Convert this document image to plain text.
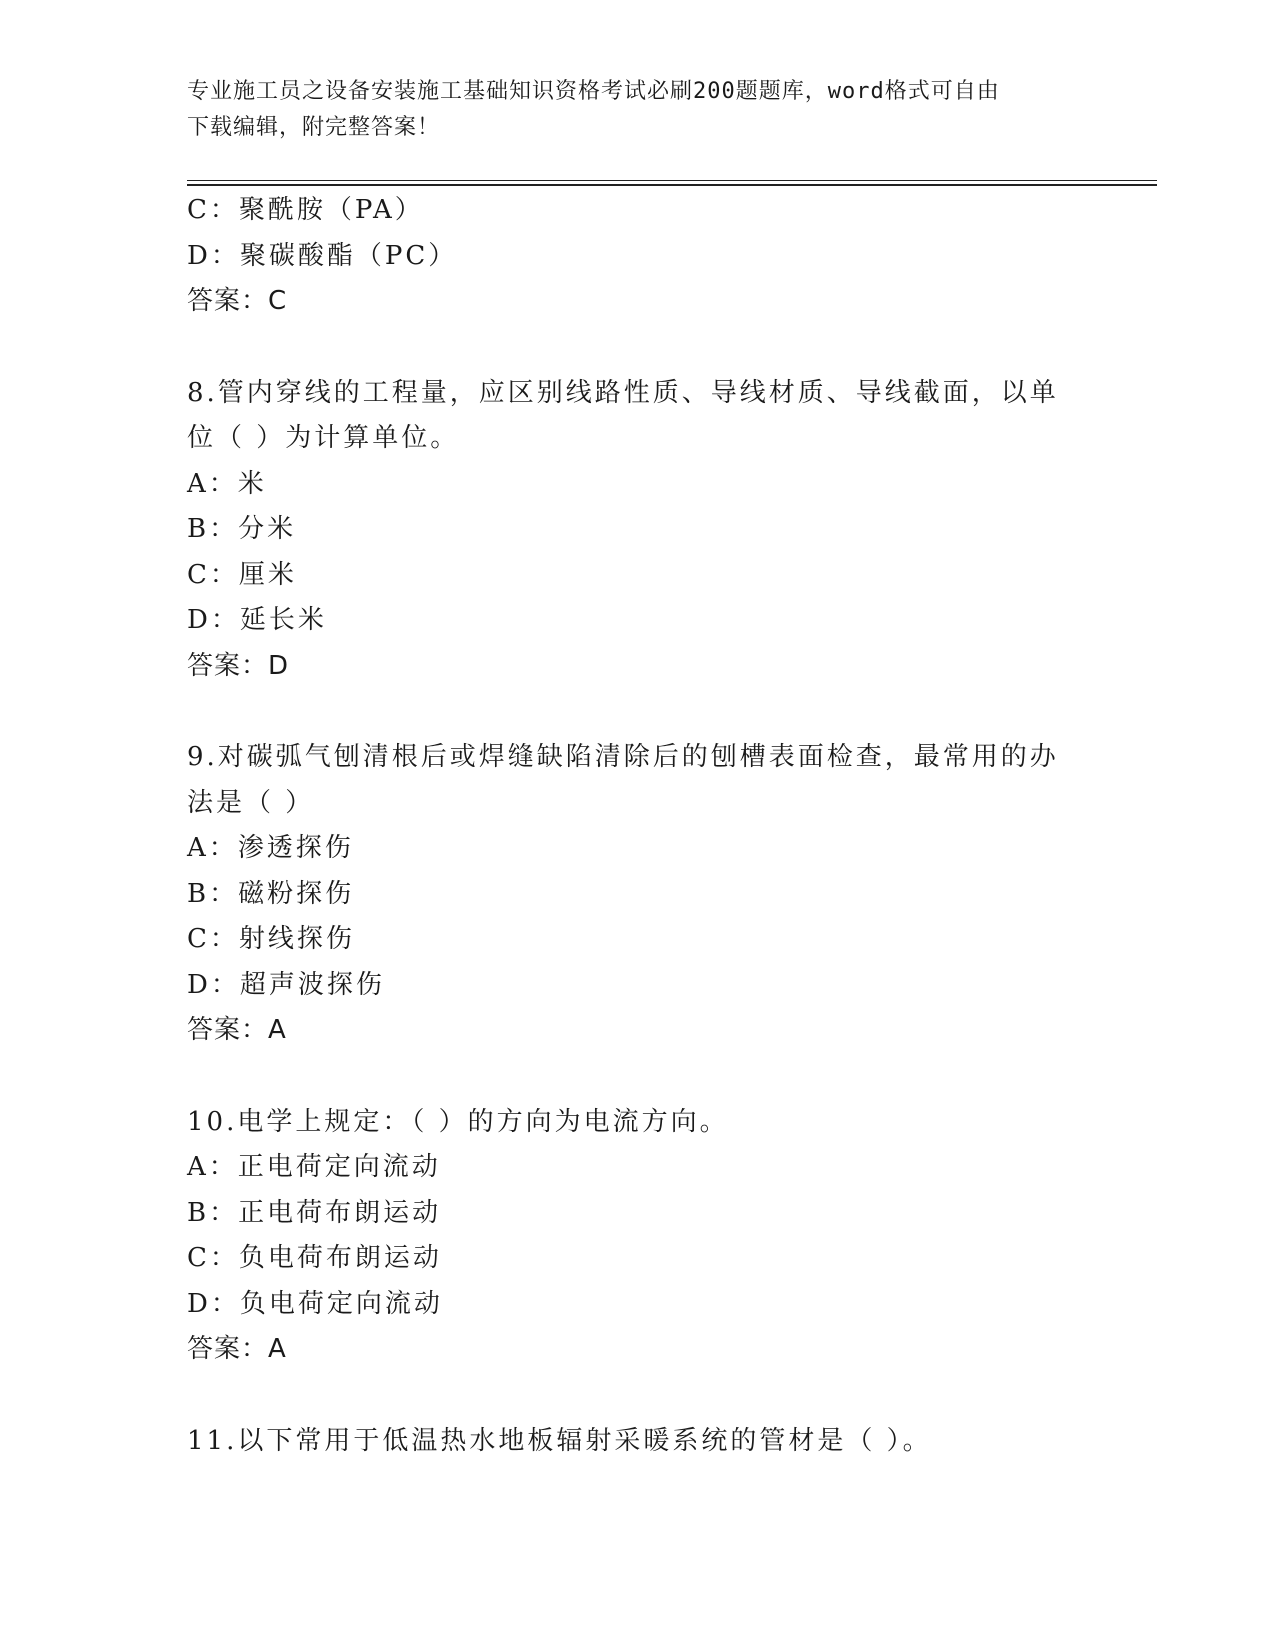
专业施工员之设备安装施工基础知识资格考试必刷200题题库，word格式可自由
下载编辑，附完整答案！
C：聚酰胺（PA）
D：聚碳酸酯（PC）
答案：C
8.管内穿线的工程量，应区别线路性质、导线材质、导线截面，以单
位（ ）为计算单位。
A：米
B：分米
C：厘米
D：延长米
答案：D
9.对碳弧气刨清根后或焊缝缺陷清除后的刨槽表面检查，最常用的办
法是（ ）
A：渗透探伤
B：磁粉探伤
C：射线探伤
D：超声波探伤
答案：A
10.电学上规定：（ ）的方向为电流方向。
A：正电荷定向流动
B：正电荷布朗运动
C：负电荷布朗运动
D：负电荷定向流动
答案：A
11.以下常用于低温热水地板辐射采暖系统的管材是（ ）。
